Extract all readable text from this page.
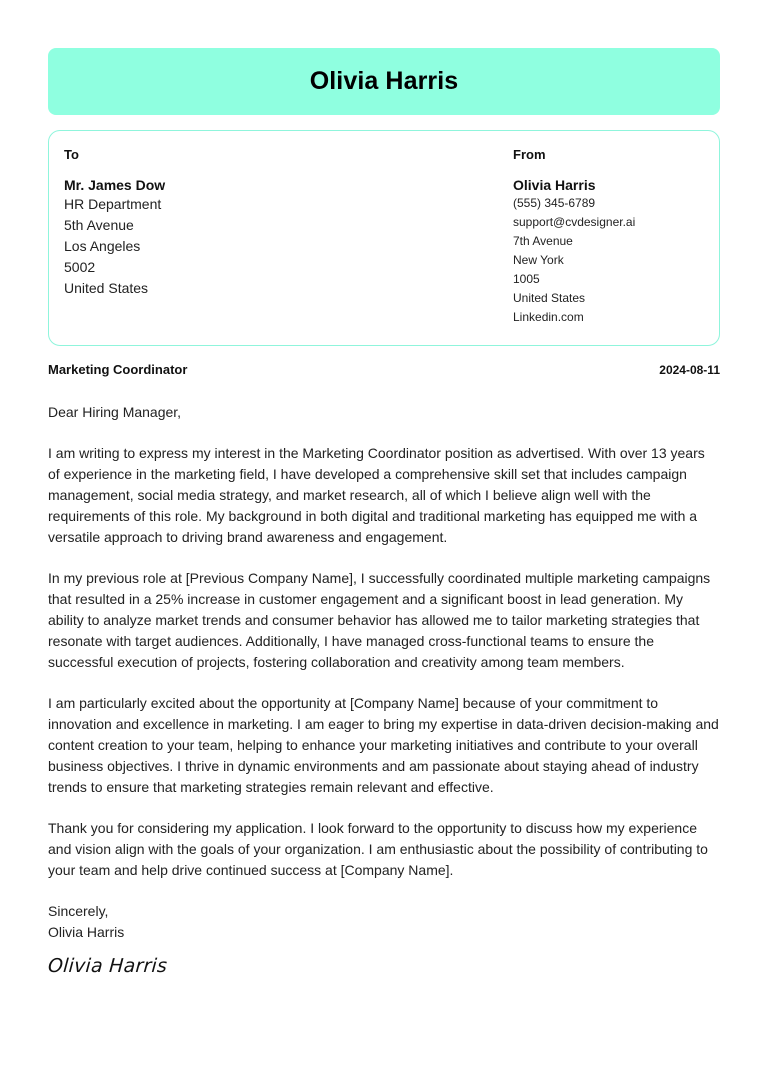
Olivia Harris
To
Mr. James Dow
HR Department
5th Avenue
Los Angeles
5002
United States
From
Olivia Harris
(555) 345-6789
support@cvdesigner.ai
7th Avenue
New York
1005
United States
Linkedin.com
Marketing Coordinator	2024-08-11

Dear Hiring Manager,

I am writing to express my interest in the Marketing Coordinator position as advertised. With over 13 years of experience in the marketing field, I have developed a comprehensive skill set that includes campaign management, social media strategy, and market research, all of which I believe align well with the requirements of this role. My background in both digital and traditional marketing has equipped me with a versatile approach to driving brand awareness and engagement.

In my previous role at [Previous Company Name], I successfully coordinated multiple marketing campaigns that resulted in a 25% increase in customer engagement and a significant boost in lead generation. My ability to analyze market trends and consumer behavior has allowed me to tailor marketing strategies that resonate with target audiences. Additionally, I have managed cross-functional teams to ensure the successful execution of projects, fostering collaboration and creativity among team members.

I am particularly excited about the opportunity at [Company Name] because of your commitment to innovation and excellence in marketing. I am eager to bring my expertise in data-driven decision-making and content creation to your team, helping to enhance your marketing initiatives and contribute to your overall business objectives. I thrive in dynamic environments and am passionate about staying ahead of industry trends to ensure that marketing strategies remain relevant and effective.

Thank you for considering my application. I look forward to the opportunity to discuss how my experience and vision align with the goals of your organization. I am enthusiastic about the possibility of contributing to your team and help drive continued success at [Company Name].

Sincerely,

Olivia Harris

Olivia Harris
